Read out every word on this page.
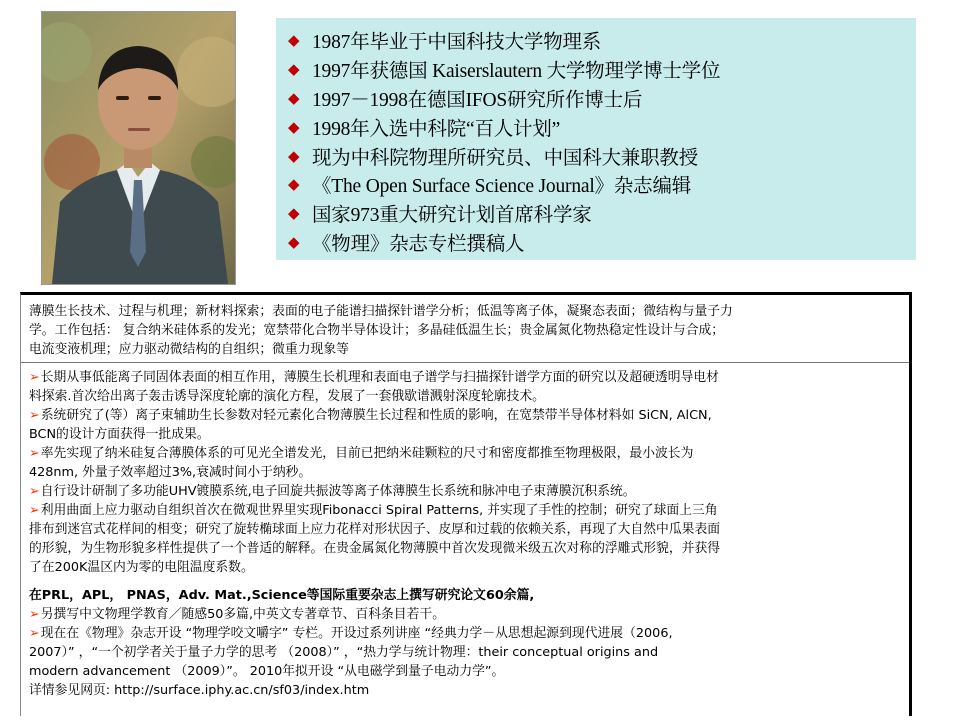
◆ 1987年毕业于中国科技大学物理系
◆ 1997年获德国 Kaiserslautern 大学物理学博士学位
◆ 1997－1998在德国IFOS研究所作博士后
◆ 1998年入选中科院“百人计划”
◆ 现为中科院物理所研究员、中国科大兼职教授
◆ 《The Open Surface Science Journal》杂志编辑
◆ 国家973重大研究计划首席科学家
◆ 《物理》杂志专栏撰稿人
薄膜生长技术、过程与机理；新材料探索；表面的电子能谱扫描探针谱学分析；低温等离子体，凝聚态表面；微结构与量子力
学。工作包括： 复合纳米硅体系的发光；宽禁带化合物半导体设计；多晶硅低温生长；贵金属氮化物热稳定性设计与合成；
电流变液机理；应力驱动微结构的自组织；微重力现象等
➢长期从事低能离子同固体表面的相互作用，薄膜生长机理和表面电子谱学与扫描探针谱学方面的研究以及超硬透明导电材
料探索.首次给出离子轰击诱导深度轮廓的演化方程，发展了一套俄歇谱溅射深度轮廓技术。
➢系统研究了(等）离子束辅助生长参数对轻元素化合物薄膜生长过程和性质的影响，在宽禁带半导体材料如 SiCN, AlCN,
BCN的设计方面获得一批成果。
➢率先实现了纳米硅复合薄膜体系的可见光全谱发光，目前已把纳米硅颗粒的尺寸和密度都推至物理极限，最小波长为
428nm, 外量子效率超过3%,衰减时间小于纳秒。
➢自行设计研制了多功能UHV镀膜系统,电子回旋共振波等离子体薄膜生长系统和脉冲电子束薄膜沉积系统。
➢利用曲面上应力驱动自组织首次在微观世界里实现Fibonacci Spiral Patterns, 并实现了手性的控制；研究了球面上三角
排布到迷宫式花样间的相变；研究了旋转椭球面上应力花样对形状因子、皮厚和过载的依赖关系，再现了大自然中瓜果表面
的形貌，为生物形貌多样性提供了一个普适的解释。在贵金属氮化物薄膜中首次发现微米级五次对称的浮雕式形貌，并获得
了在200K温区内为零的电阻温度系数。
在PRL，APL， PNAS，Adv. Mat.,Science等国际重要杂志上撰写研究论文60余篇,
➢另撰写中文物理学教育／随感50多篇,中英文专著章节、百科条目若干。
➢现在在《物理》杂志开设 “物理学咬文嚼字” 专栏。开设过系列讲座 “经典力学－从思想起源到现代进展（2006,
2007）” ，“一个初学者关于量子力学的思考 （2008）” ，“热力学与统计物理：their conceptual origins and
modern advancement （2009）”。 2010年拟开设 “从电磁学到量子电动力学”。
详情参见网页: http://surface.iphy.ac.cn/sf03/index.htm
